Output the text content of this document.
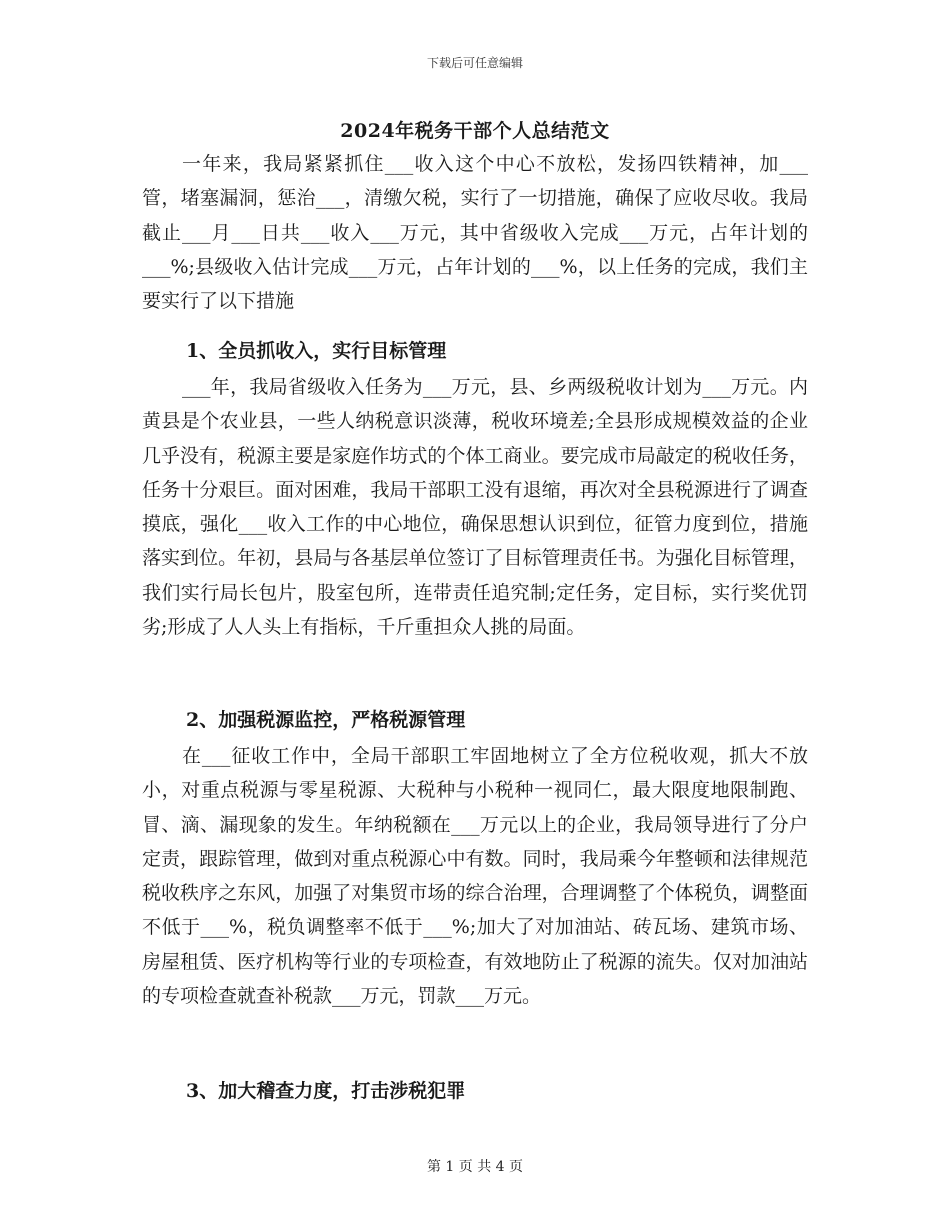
下载后可任意编辑
2024年税务干部个人总结范文
一年来，我局紧紧抓住___收入这个中心不放松，发扬四铁精神，加___管，堵塞漏洞，惩治___，清缴欠税，实行了一切措施，确保了应收尽收。我局截止___月___日共___收入___万元，其中省级收入完成___万元，占年计划的___%;县级收入估计完成___万元，占年计划的___%，以上任务的完成，我们主要实行了以下措施
1、全员抓收入，实行目标管理
___年，我局省级收入任务为___万元，县、乡两级税收计划为___万元。内黄县是个农业县，一些人纳税意识淡薄，税收环境差;全县形成规模效益的企业几乎没有，税源主要是家庭作坊式的个体工商业。要完成市局敲定的税收任务，任务十分艰巨。面对困难，我局干部职工没有退缩，再次对全县税源进行了调查摸底，强化___收入工作的中心地位，确保思想认识到位，征管力度到位，措施落实到位。年初，县局与各基层单位签订了目标管理责任书。为强化目标管理，我们实行局长包片，股室包所，连带责任追究制;定任务，定目标，实行奖优罚劣;形成了人人头上有指标，千斤重担众人挑的局面。
2、加强税源监控，严格税源管理
在___征收工作中，全局干部职工牢固地树立了全方位税收观，抓大不放小，对重点税源与零星税源、大税种与小税种一视同仁，最大限度地限制跑、冒、滴、漏现象的发生。年纳税额在___万元以上的企业，我局领导进行了分户定责，跟踪管理，做到对重点税源心中有数。同时，我局乘今年整顿和法律规范税收秩序之东风，加强了对集贸市场的综合治理，合理调整了个体税负，调整面不低于___%，税负调整率不低于___%;加大了对加油站、砖瓦场、建筑市场、房屋租赁、医疗机构等行业的专项检查，有效地防止了税源的流失。仅对加油站的专项检查就查补税款___万元，罚款___万元。
3、加大稽查力度，打击涉税犯罪
第 1 页 共 4 页
